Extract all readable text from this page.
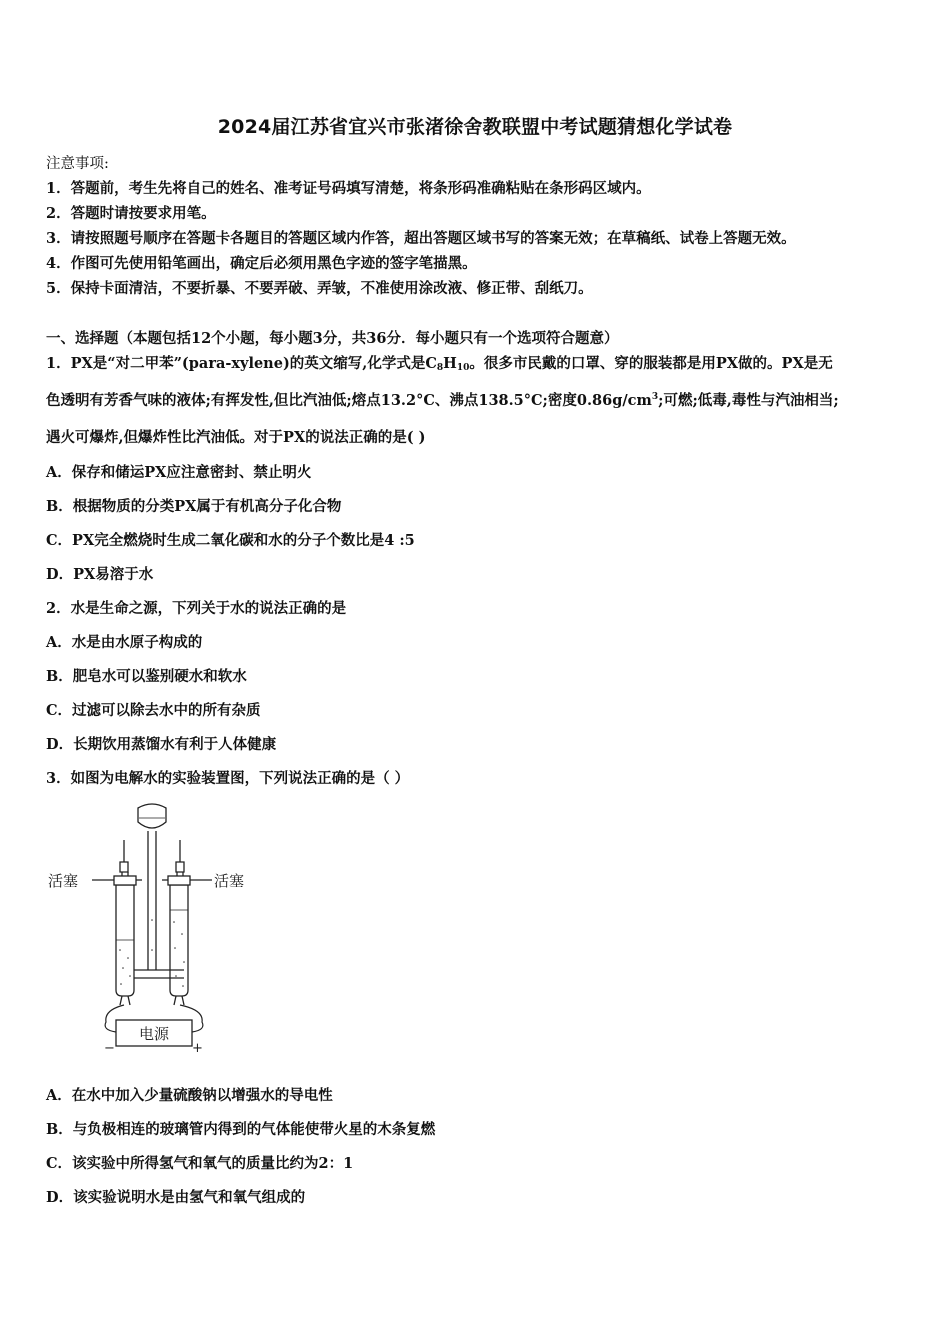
2024届江苏省宜兴市张渚徐舍教联盟中考试题猜想化学试卷
注意事项:
1．答题前，考生先将自己的姓名、准考证号码填写清楚，将条形码准确粘贴在条形码区域内。
2．答题时请按要求用笔。
3．请按照题号顺序在答题卡各题目的答题区域内作答，超出答题区域书写的答案无效；在草稿纸、试卷上答题无效。
4．作图可先使用铅笔画出，确定后必须用黑色字迹的签字笔描黑。
5．保持卡面清洁，不要折暴、不要弄破、弄皱，不准使用涂改液、修正带、刮纸刀。
一、选择题（本题包括12个小题，每小题3分，共36分．每小题只有一个选项符合题意）
1．PX是“对二甲苯”(para-xylene)的英文缩写,化学式是$C_8H_{10}$。很多市民戴的口罩、穿的服装都是用PX做的。PX是无
色透明有芳香气味的液体;有挥发性,但比汽油低;熔点13.2°C、沸点138.5°C;密度$0.86g/cm^3$;可燃;低毒,毒性与汽油相当;
遇火可爆炸,但爆炸性比汽油低。对于PX的说法正确的是( )
A．保存和储运PX应注意密封、禁止明火
B．根据物质的分类PX属于有机高分子化合物
C．PX完全燃烧时生成二氧化碳和水的分子个数比是4 :5
D．PX易溶于水
2．水是生命之源，下列关于水的说法正确的是
A．水是由水原子构成的
B．肥皂水可以鉴别硬水和软水
C．过滤可以除去水中的所有杂质
D．长期饮用蒸馏水有利于人体健康
3．如图为电解水的实验装置图，下列说法正确的是（ ）
电源
−	+
活塞	活塞
A．在水中加入少量硫酸钠以增强水的导电性
B．与负极相连的玻璃管内得到的气体能使带火星的木条复燃
C．该实验中所得氢气和氧气的质量比约为2：1
D．该实验说明水是由氢气和氧气组成的
